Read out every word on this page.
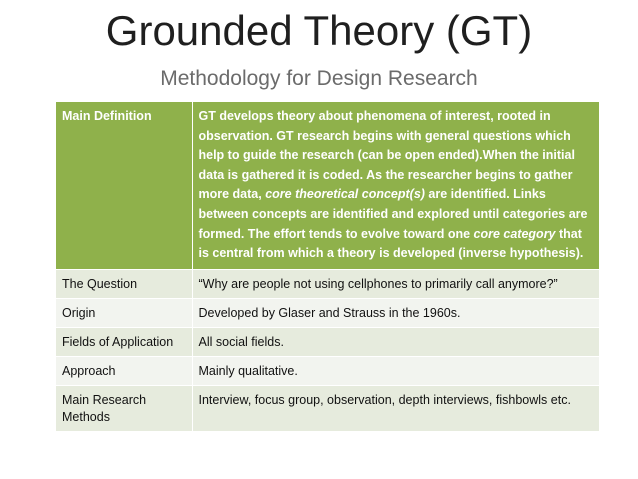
Grounded Theory (GT)
Methodology for Design Research
Main Definition	GT develops theory about phenomena of interest, rooted in observation. GT research begins with general questions which help to guide the research (can be open ended).When the initial data is gathered it is coded. As the researcher begins to gather more data, core theoretical concept(s) are identified. Links between concepts are identified and explored until categories are formed. The effort tends to evolve toward one core category that is central from which a theory is developed (inverse hypothesis).
The Question	“Why are people not using cellphones to primarily call anymore?”
Origin	Developed by Glaser and Strauss in the 1960s.
Fields of Application	All social fields.
Approach	Mainly qualitative.
Main Research Methods	Interview, focus group, observation, depth interviews, fishbowls etc.
